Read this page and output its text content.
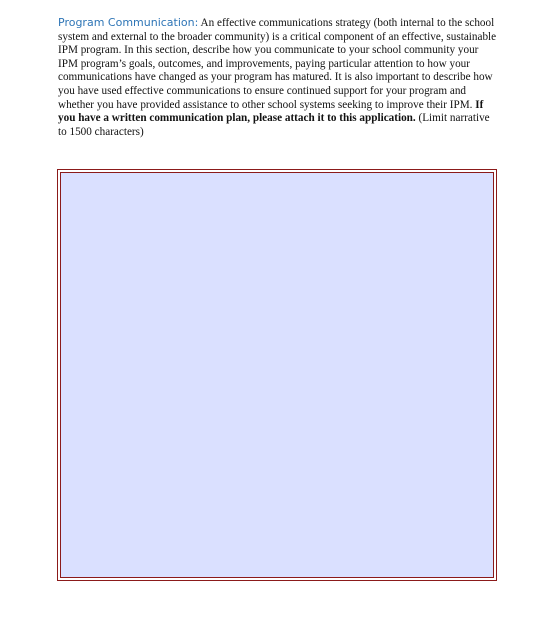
Program Communication: An effective communications strategy (both internal to the school system and external to the broader community) is a critical component of an effective, sustainable IPM program. In this section, describe how you communicate to your school community your IPM program’s goals, outcomes, and improvements, paying particular attention to how your communications have changed as your program has matured. It is also important to describe how you have used effective communications to ensure continued support for your program and whether you have provided assistance to other school systems seeking to improve their IPM. If you have a written communication plan, please attach it to this application. (Limit narrative to 1500 characters)
